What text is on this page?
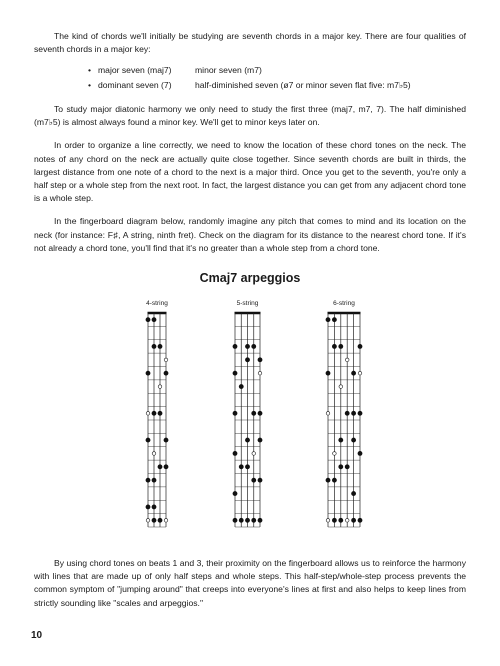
The kind of chords we'll initially be studying are seventh chords in a major key. There are four qualities of seventh chords in a major key:

• major seven (maj7)	minor seven (m7)
• dominant seven (7)	half-diminished seven (ø7 or minor seven flat five: m7♭5)

To study major diatonic harmony we only need to study the first three (maj7, m7, 7). The half diminished (m7♭5) is almost always found a minor key. We'll get to minor keys later on.

In order to organize a line correctly, we need to know the location of these chord tones on the neck. The notes of any chord on the neck are actually quite close together. Since seventh chords are built in thirds, the largest distance from one note of a chord to the next is a major third. Once you get to the seventh, you're only a half step or a whole step from the next root. In fact, the largest distance you can get from any adjacent chord tone is a whole step.

In the fingerboard diagram below, randomly imagine any pitch that comes to mind and its location on the neck (for instance: F♯, A string, ninth fret). Check on the diagram for its distance to the nearest chord tone. If it's not already a chord tone, you'll find that it's no greater than a whole step from a chord tone.

Cmaj7 arpeggios
4-string	5-string	6-string

By using chord tones on beats 1 and 3, their proximity on the fingerboard allows us to reinforce the harmony with lines that are made up of only half steps and whole steps. This half-step/whole-step process prevents the common symptom of "jumping around" that creeps into everyone's lines at first and also helps to keep lines from strictly sounding like "scales and arpeggios."

10
